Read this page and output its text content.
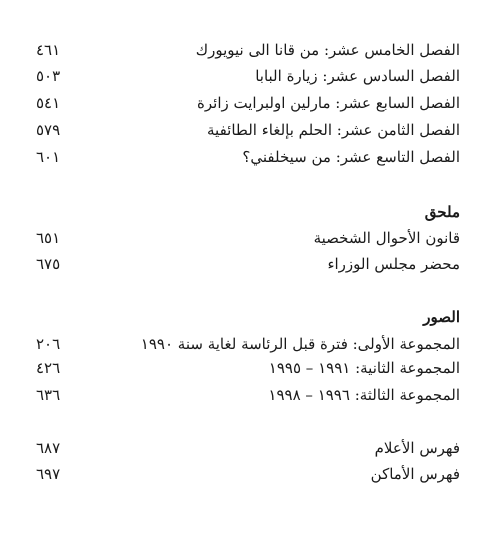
الفصل الخامس عشر: من قانا الى نيويورك
٤٦١
الفصل السادس عشر: زيارة البابا
٥٠٣
الفصل السابع عشر: مارلين اولبرايت زائرة
٥٤١
الفصل الثامن عشر: الحلم بإلغاء الطائفية
٥٧٩
الفصل التاسع عشر: من سيخلفني؟
٦٠١
ملحق
قانون الأحوال الشخصية
٦٥١
محضر مجلس الوزراء
٦٧٥
الصور
المجموعة الأولى: فترة قبل الرئاسة لغاية سنة ١٩٩٠
٢٠٦
المجموعة الثانية: ١٩٩١ – ١٩٩٥
٤٢٦
المجموعة الثالثة: ١٩٩٦ – ١٩٩٨
٦٣٦
فهرس الأعلام
٦٨٧
فهرس الأماكن
٦٩٧
